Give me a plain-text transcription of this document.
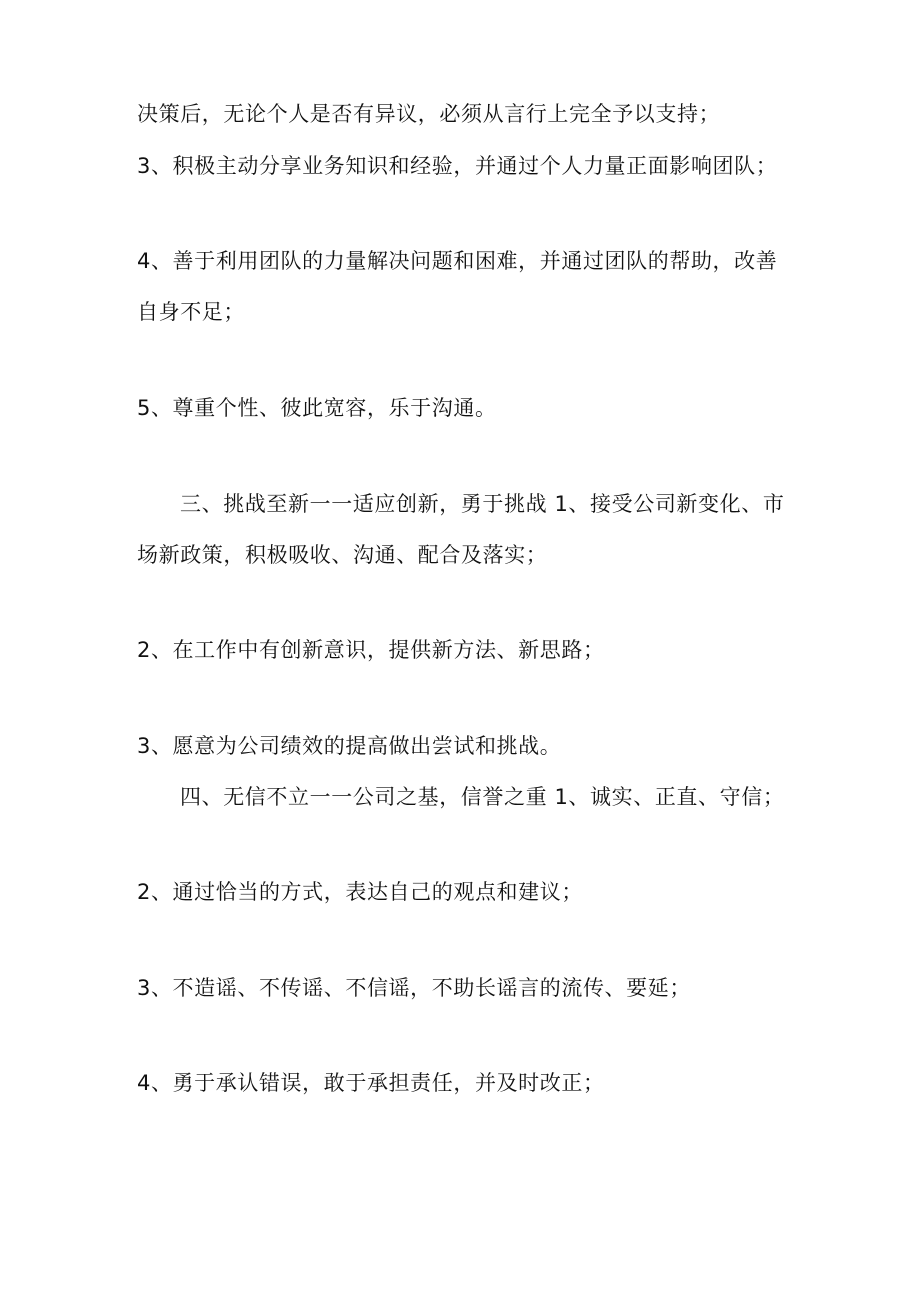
决策后，无论个人是否有异议，必须从言行上完全予以支持；
3、积极主动分享业务知识和经验，并通过个人力量正面影响团队；
4、善于利用团队的力量解决问题和困难，并通过团队的帮助，改善
自身不足；
5、尊重个性、彼此宽容，乐于沟通。
三、挑战至新一一适应创新，勇于挑战 1、接受公司新变化、市
场新政策，积极吸收、沟通、配合及落实；
2、在工作中有创新意识，提供新方法、新思路；
3、愿意为公司绩效的提高做出尝试和挑战。
四、无信不立一一公司之基，信誉之重 1、诚实、正直、守信；
2、通过恰当的方式，表达自己的观点和建议；
3、不造谣、不传谣、不信谣，不助长谣言的流传、要延；
4、勇于承认错误，敢于承担责任，并及时改正；
